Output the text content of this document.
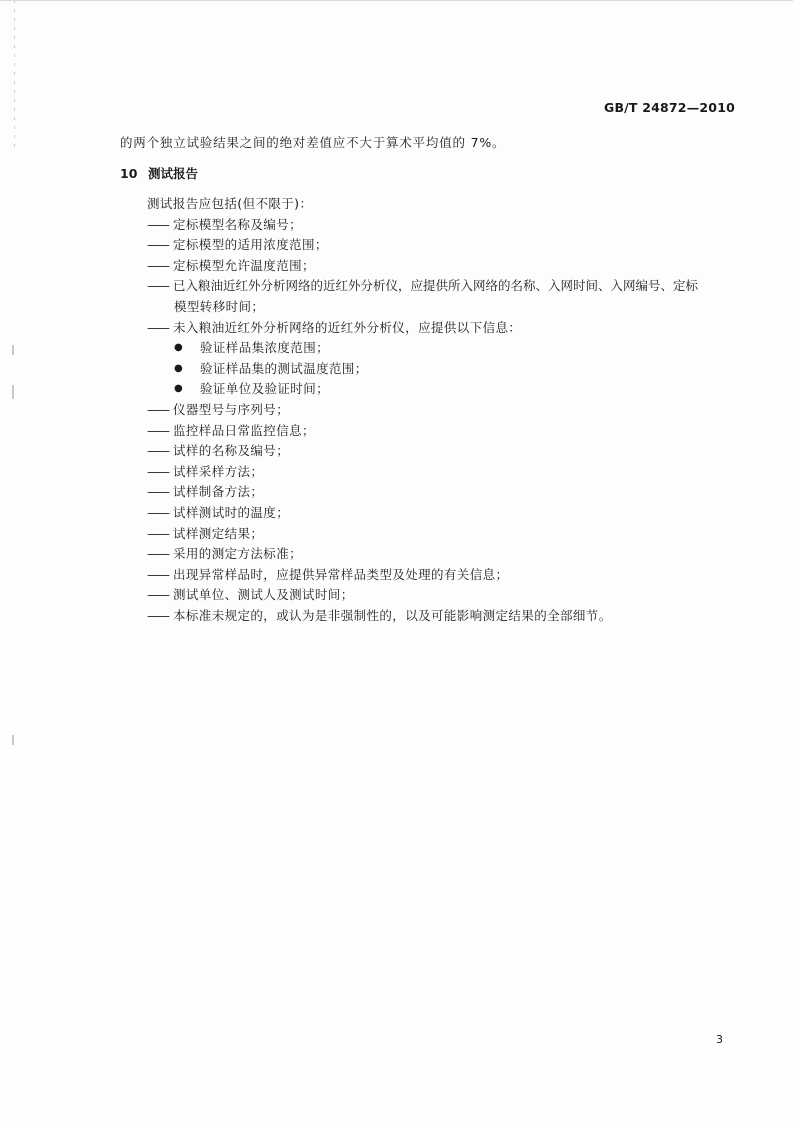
GB/T 24872—2010
的两个独立试验结果之间的绝对差值应不大于算术平均值的 7%。
10 测试报告
测试报告应包括(但不限于)：
—— 定标模型名称及编号；
—— 定标模型的适用浓度范围；
—— 定标模型允许温度范围；
—— 已入粮油近红外分析网络的近红外分析仪，应提供所入网络的名称、入网时间、入网编号、定标
模型转移时间；
—— 未入粮油近红外分析网络的近红外分析仪，应提供以下信息：
●	验证样品集浓度范围；
●	验证样品集的测试温度范围；
●	验证单位及验证时间；
—— 仪器型号与序列号；
—— 监控样品日常监控信息；
—— 试样的名称及编号；
—— 试样采样方法；
—— 试样制备方法；
—— 试样测试时的温度；
—— 试样测定结果；
—— 采用的测定方法标准；
—— 出现异常样品时，应提供异常样品类型及处理的有关信息；
—— 测试单位、测试人及测试时间；
—— 本标准未规定的，或认为是非强制性的，以及可能影响测定结果的全部细节。
3
